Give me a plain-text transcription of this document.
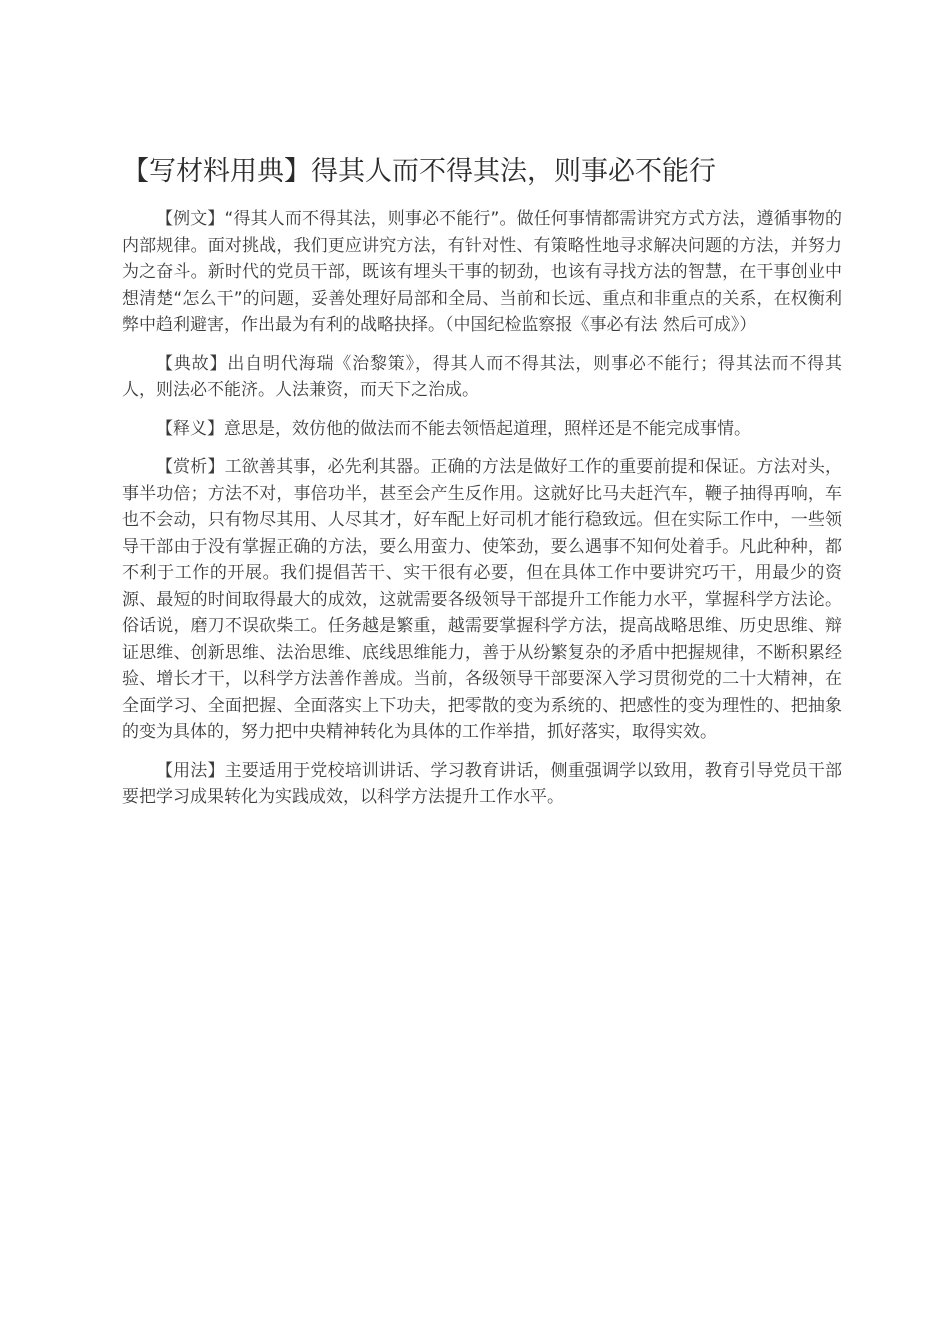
【写材料用典】得其人而不得其法，则事必不能行

【例文】“得其人而不得其法，则事必不能行”。做任何事情都需讲究方式方法，遵循事物的内部规律。面对挑战，我们更应讲究方法，有针对性、有策略性地寻求解决问题的方法，并努力为之奋斗。新时代的党员干部，既该有埋头干事的韧劲，也该有寻找方法的智慧，在干事创业中想清楚“怎么干”的问题，妥善处理好局部和全局、当前和长远、重点和非重点的关系，在权衡利弊中趋利避害，作出最为有利的战略抉择。（中国纪检监察报《事必有法 然后可成》）

【典故】出自明代海瑞《治黎策》，得其人而不得其法，则事必不能行；得其法而不得其人，则法必不能济。人法兼资，而天下之治成。

【释义】意思是，效仿他的做法而不能去领悟起道理，照样还是不能完成事情。

【赏析】工欲善其事，必先利其器。正确的方法是做好工作的重要前提和保证。方法对头，事半功倍；方法不对，事倍功半，甚至会产生反作用。这就好比马夫赶汽车，鞭子抽得再响，车也不会动，只有物尽其用、人尽其才，好车配上好司机才能行稳致远。但在实际工作中，一些领导干部由于没有掌握正确的方法，要么用蛮力、使笨劲，要么遇事不知何处着手。凡此种种，都不利于工作的开展。我们提倡苦干、实干很有必要，但在具体工作中要讲究巧干，用最少的资源、最短的时间取得最大的成效，这就需要各级领导干部提升工作能力水平，掌握科学方法论。俗话说，磨刀不误砍柴工。任务越是繁重，越需要掌握科学方法，提高战略思维、历史思维、辩证思维、创新思维、法治思维、底线思维能力，善于从纷繁复杂的矛盾中把握规律，不断积累经验、增长才干，以科学方法善作善成。当前，各级领导干部要深入学习贯彻党的二十大精神，在全面学习、全面把握、全面落实上下功夫，把零散的变为系统的、把感性的变为理性的、把抽象的变为具体的，努力把中央精神转化为具体的工作举措，抓好落实，取得实效。

【用法】主要适用于党校培训讲话、学习教育讲话，侧重强调学以致用，教育引导党员干部要把学习成果转化为实践成效，以科学方法提升工作水平。
